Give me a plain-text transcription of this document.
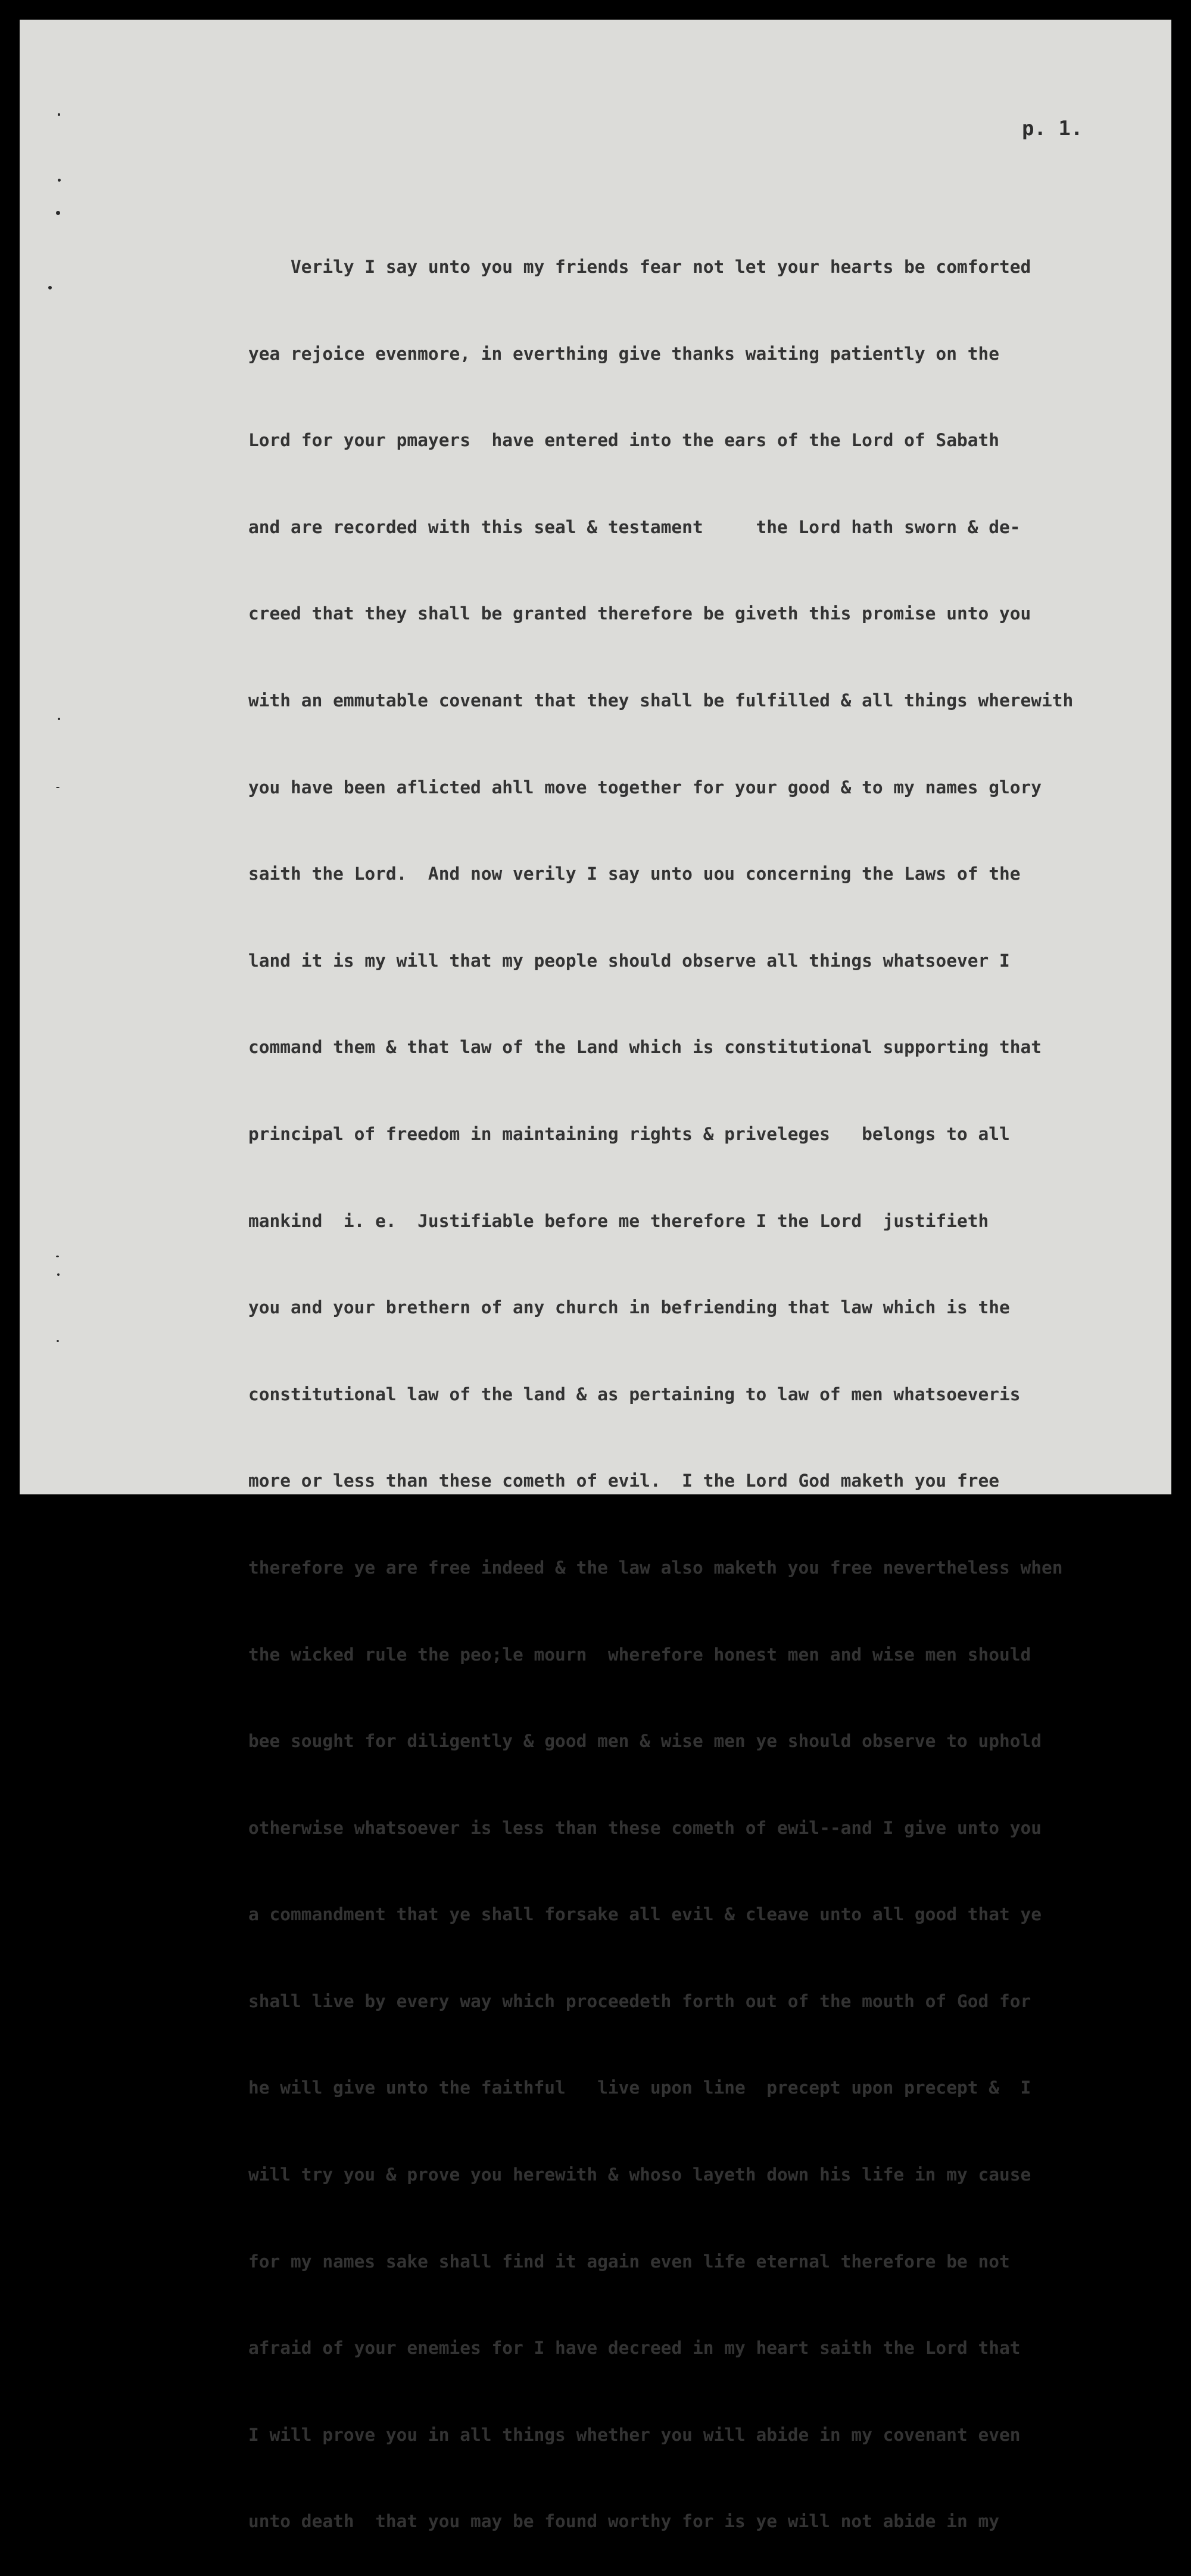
p. 1.

Verily I say unto you my friends fear not let your hearts be comforted

yea rejoice evenmore, in everthing give thanks waiting patiently on the

Lord for your pmayers  have entered into the ears of the Lord of Sabath

and are recorded with this seal & testament     the Lord hath sworn & de-

creed that they shall be granted therefore be giveth this promise unto you

with an emmutable covenant that they shall be fulfilled & all things wherewith

you have been aflicted ahll move together for your good & to my names glory

saith the Lord.  And now verily I say unto uou concerning the Laws of the

land it is my will that my people should observe all things whatsoever I

command them & that law of the Land which is constitutional supporting that

principal of freedom in maintaining rights & priveleges   belongs to all

mankind  i. e.  Justifiable before me therefore I the Lord  justifieth

you and your brethern of any church in befriending that law which is the

constitutional law of the land & as pertaining to law of men whatsoeveris

more or less than these cometh of evil.  I the Lord God maketh you free

therefore ye are free indeed & the law also maketh you free nevertheless when

the wicked rule the peo;le mourn  wherefore honest men and wise men should

bee sought for diligently & good men & wise men ye should observe to uphold

otherwise whatsoever is less than these cometh of ewil--and I give unto you

a commandment that ye shall forsake all evil & cleave unto all good that ye

shall live by every way which proceedeth forth out of the mouth of God for

he will give unto the faithful   live upon line  precept upon precept &  I

will try you & prove you herewith & whoso layeth down his life in my cause

for my names sake shall find it again even life eternal therefore be not

afraid of your enemies for I have decreed in my heart saith the Lord that

I will prove you in all things whether you will abide in my covenant even

unto death  that you may be found worthy for is ye will not abide in my
